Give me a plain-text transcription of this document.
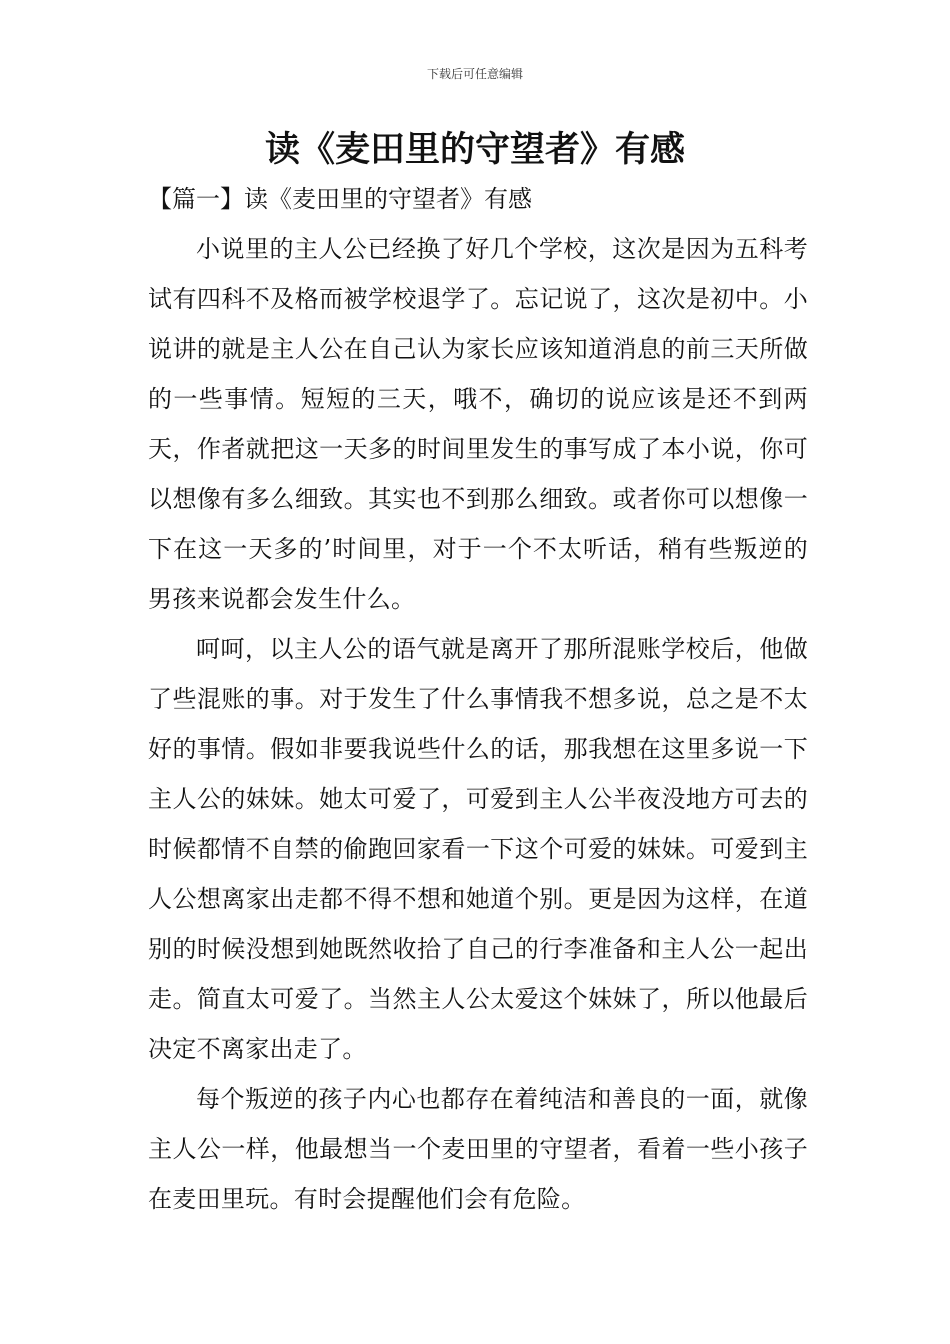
下载后可任意编辑
读《麦田里的守望者》有感
【篇一】读《麦田里的守望者》有感

小说里的主人公已经换了好几个学校，这次是因为五科考试有四科不及格而被学校退学了。忘记说了，这次是初中。小说讲的就是主人公在自己认为家长应该知道消息的前三天所做的一些事情。短短的三天，哦不，确切的说应该是还不到两天，作者就把这一天多的时间里发生的事写成了本小说，你可以想像有多么细致。其实也不到那么细致。或者你可以想像一下在这一天多的’时间里，对于一个不太听话，稍有些叛逆的男孩来说都会发生什么。

呵呵，以主人公的语气就是离开了那所混账学校后，他做了些混账的事。对于发生了什么事情我不想多说，总之是不太好的事情。假如非要我说些什么的话，那我想在这里多说一下主人公的妹妹。她太可爱了，可爱到主人公半夜没地方可去的时候都情不自禁的偷跑回家看一下这个可爱的妹妹。可爱到主人公想离家出走都不得不想和她道个别。更是因为这样，在道别的时候没想到她既然收拾了自己的行李准备和主人公一起出走。简直太可爱了。当然主人公太爱这个妹妹了，所以他最后决定不离家出走了。

每个叛逆的孩子内心也都存在着纯洁和善良的一面，就像主人公一样，他最想当一个麦田里的守望者，看着一些小孩子在麦田里玩。有时会提醒他们会有危险。
